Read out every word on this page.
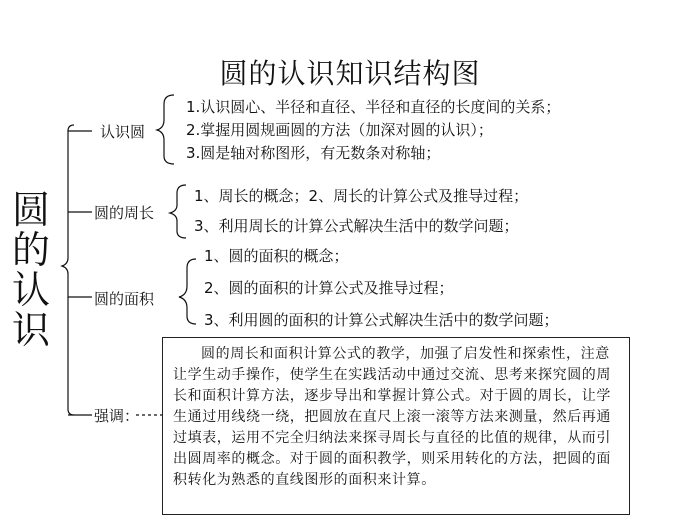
圆的认识知识结构图
圆
的
认
识
认识圆
1.认识圆心、半径和直径、半径和直径的长度间的关系；
2.掌握用圆规画圆的方法（加深对圆的认识）；
3.圆是轴对称图形，有无数条对称轴；
圆的周长
1、周长的概念；2、周长的计算公式及推导过程；
3、利用周长的计算公式解决生活中的数学问题；
圆的面积
1、圆的面积的概念；
2、圆的面积的计算公式及推导过程；
3、利用圆的面积的计算公式解决生活中的数学问题；
强调：
圆的周长和面积计算公式的教学，加强了启发性和探索性，注意让学生动手操作，使学生在实践活动中通过交流、思考来探究圆的周长和面积计算方法，逐步导出和掌握计算公式。对于圆的周长，让学生通过用线绕一绕，把圆放在直尺上滚一滚等方法来测量，然后再通过填表，运用不完全归纳法来探寻周长与直径的比值的规律，从而引出圆周率的概念。对于圆的面积教学，则采用转化的方法，把圆的面积转化为熟悉的直线图形的面积来计算。
